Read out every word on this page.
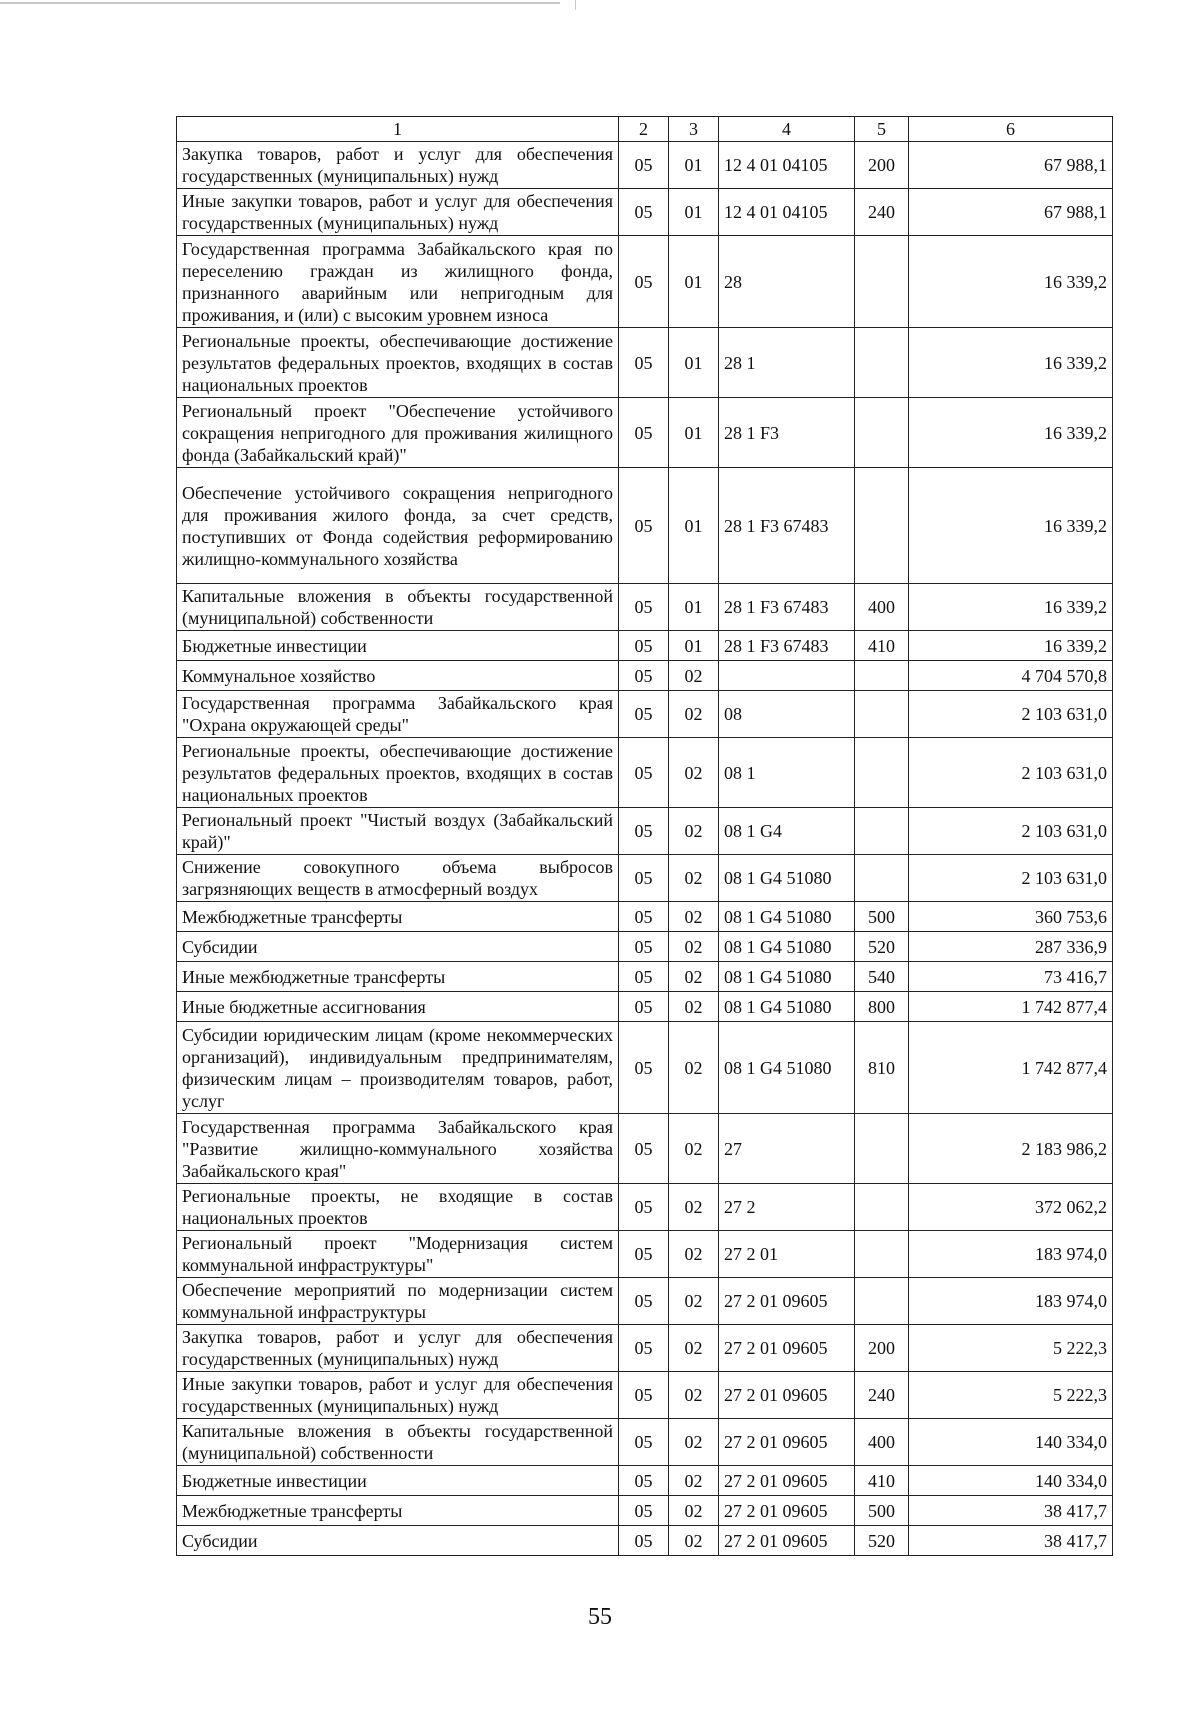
1	2	3	4	5	6
Закупка товаров, работ и услуг для обеспечения государственных (муниципальных) нужд	05	01	12 4 01 04105	200	67 988,1
Иные закупки товаров, работ и услуг для обеспечения государственных (муниципальных) нужд	05	01	12 4 01 04105	240	67 988,1
Государственная программа Забайкальского края по переселению граждан из жилищного фонда, признанного аварийным или непригодным для проживания, и (или) с высоким уровнем износа	05	01	28		16 339,2
Региональные проекты, обеспечивающие достижение результатов федеральных проектов, входящих в состав национальных проектов	05	01	28 1		16 339,2
Региональный проект "Обеспечение устойчивого сокращения непригодного для проживания жилищного фонда (Забайкальский край)"	05	01	28 1 F3		16 339,2
Обеспечение устойчивого сокращения непригодного для проживания жилого фонда, за счет средств, поступивших от Фонда содействия реформированию жилищно-коммунального хозяйства	05	01	28 1 F3 67483		16 339,2
Капитальные вложения в объекты государственной (муниципальной) собственности	05	01	28 1 F3 67483	400	16 339,2
Бюджетные инвестиции	05	01	28 1 F3 67483	410	16 339,2
Коммунальное хозяйство	05	02			4 704 570,8
Государственная программа Забайкальского края "Охрана окружающей среды"	05	02	08		2 103 631,0
Региональные проекты, обеспечивающие достижение результатов федеральных проектов, входящих в состав национальных проектов	05	02	08 1		2 103 631,0
Региональный проект "Чистый воздух (Забайкальский край)"	05	02	08 1 G4		2 103 631,0
Снижение совокупного объема выбросов загрязняющих веществ в атмосферный воздух	05	02	08 1 G4 51080		2 103 631,0
Межбюджетные трансферты	05	02	08 1 G4 51080	500	360 753,6
Субсидии	05	02	08 1 G4 51080	520	287 336,9
Иные межбюджетные трансферты	05	02	08 1 G4 51080	540	73 416,7
Иные бюджетные ассигнования	05	02	08 1 G4 51080	800	1 742 877,4
Субсидии юридическим лицам (кроме некоммерческих организаций), индивидуальным предпринимателям, физическим лицам – производителям товаров, работ, услуг	05	02	08 1 G4 51080	810	1 742 877,4
Государственная программа Забайкальского края "Развитие жилищно-коммунального хозяйства Забайкальского края"	05	02	27		2 183 986,2
Региональные проекты, не входящие в состав национальных проектов	05	02	27 2		372 062,2
Региональный проект "Модернизация систем коммунальной инфраструктуры"	05	02	27 2 01		183 974,0
Обеспечение мероприятий по модернизации систем коммунальной инфраструктуры	05	02	27 2 01 09605		183 974,0
Закупка товаров, работ и услуг для обеспечения государственных (муниципальных) нужд	05	02	27 2 01 09605	200	5 222,3
Иные закупки товаров, работ и услуг для обеспечения государственных (муниципальных) нужд	05	02	27 2 01 09605	240	5 222,3
Капитальные вложения в объекты государственной (муниципальной) собственности	05	02	27 2 01 09605	400	140 334,0
Бюджетные инвестиции	05	02	27 2 01 09605	410	140 334,0
Межбюджетные трансферты	05	02	27 2 01 09605	500	38 417,7
Субсидии	05	02	27 2 01 09605	520	38 417,7
55
